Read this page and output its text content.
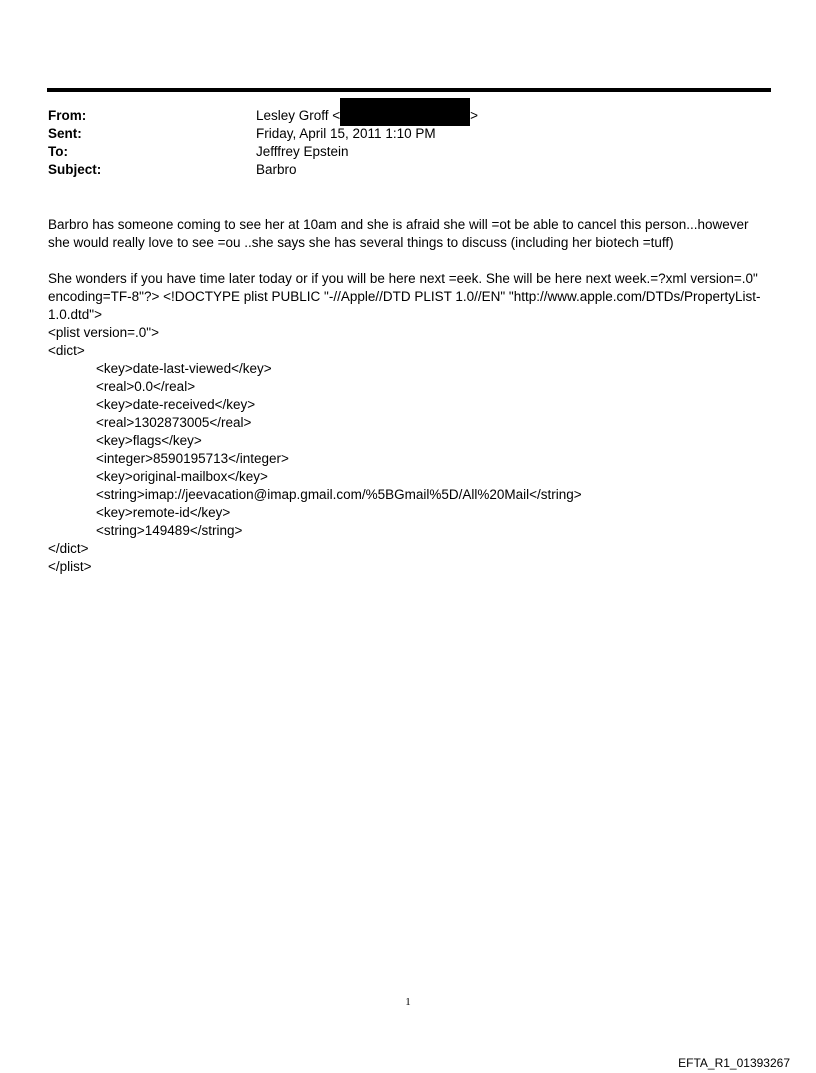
From:	Lesley Groff <	>
Sent:	Friday, April 15, 2011 1:10 PM
To:	Jefffrey Epstein
Subject:	Barbro

Barbro has someone coming to see her at 10am and she is afraid she will =ot be able to cancel this person...however she would really love to see =ou ..she says she has several things to discuss (including her biotech =tuff)

She wonders if you have time later today or if you will be here next =eek. She will be here next week.=?xml version=.0" encoding=TF-8"?> <!DOCTYPE plist PUBLIC "-//Apple//DTD PLIST 1.0//EN" "http://www.apple.com/DTDs/PropertyList-1.0.dtd">

<plist version=.0">

<dict>

<key>date-last-viewed</key>

<real>0.0</real>

<key>date-received</key>

<real>1302873005</real>

<key>flags</key>

<integer>8590195713</integer>

<key>original-mailbox</key>

<string>imap://jeevacation@imap.gmail.com/%5BGmail%5D/All%20Mail</string>

<key>remote-id</key>

<string>149489</string>

</dict>

</plist>

1
EFTA_R1_01393267
